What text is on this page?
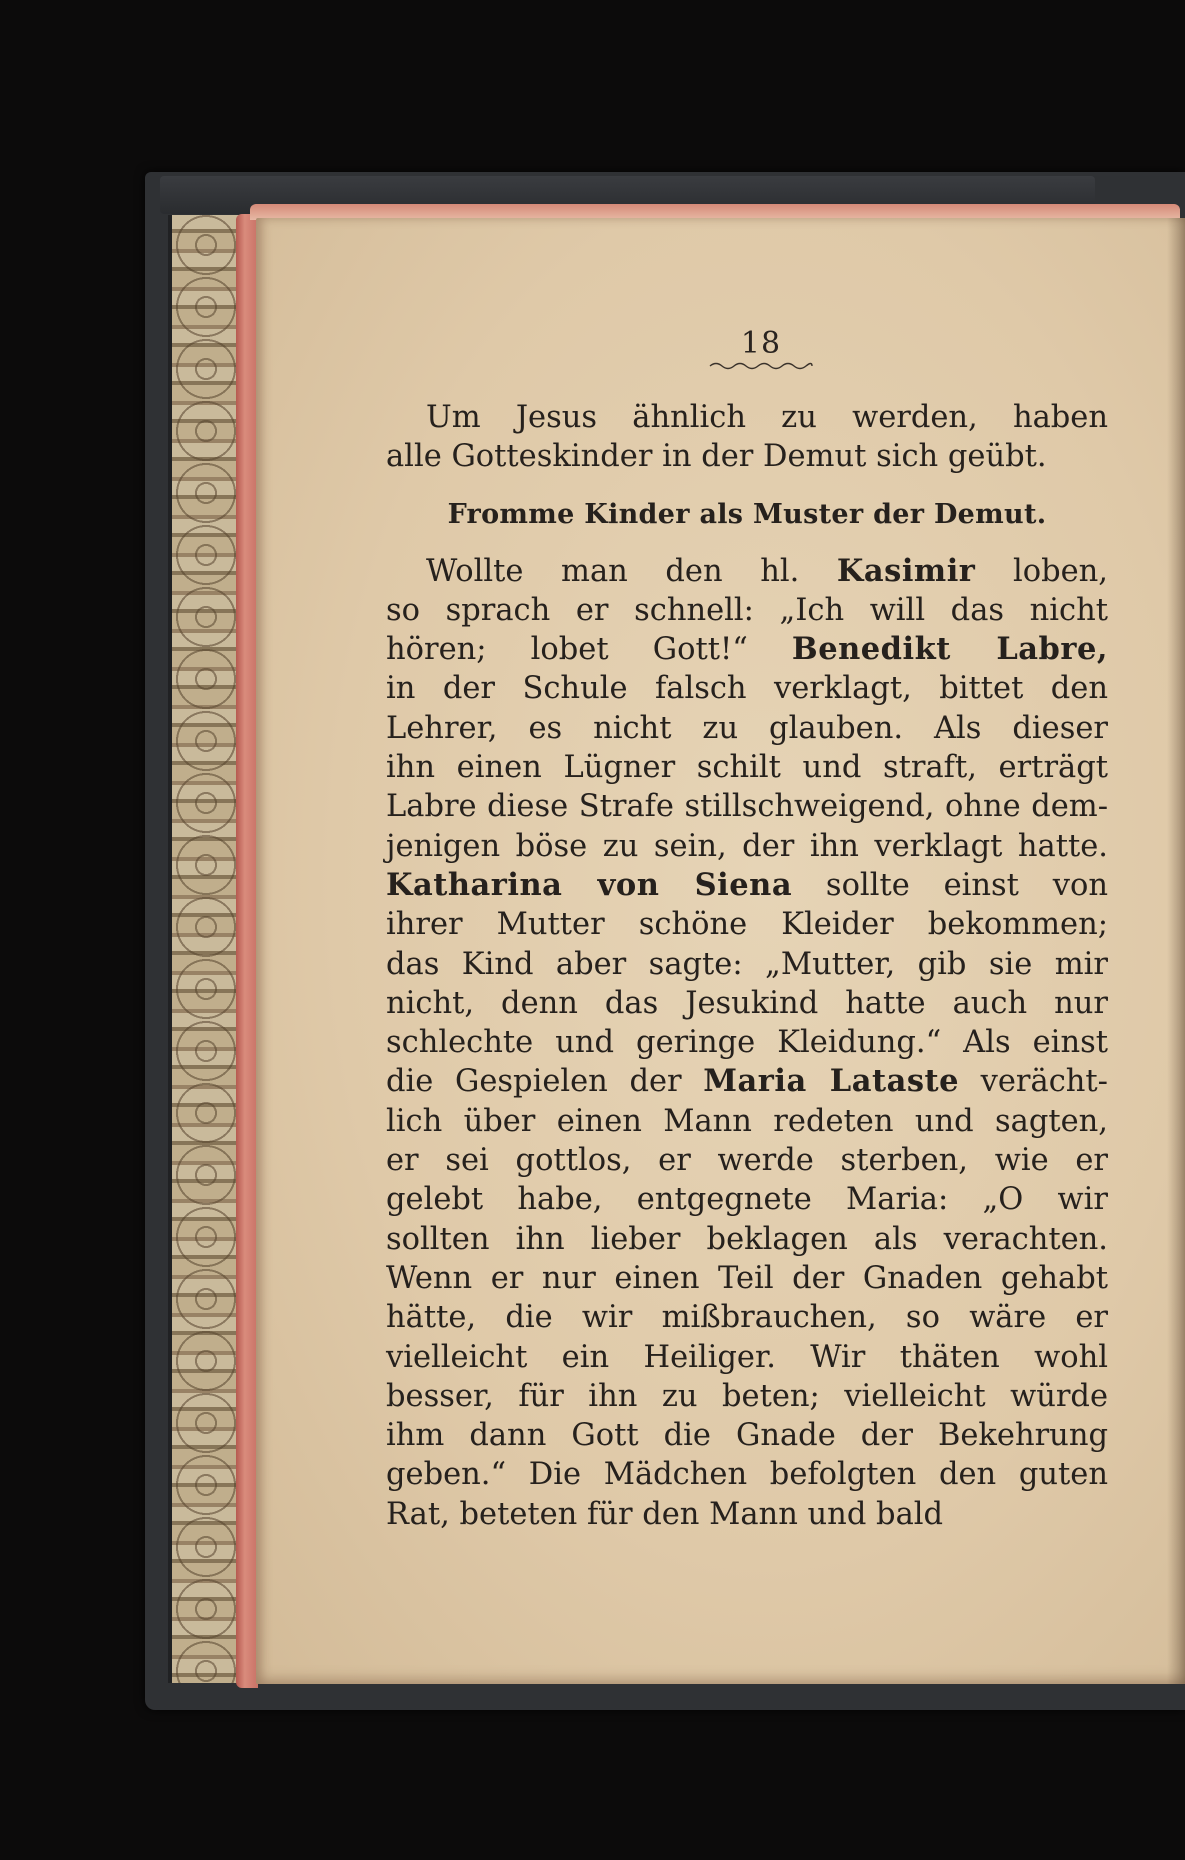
18
Um Jesus ähnlich zu werden, haben
alle Gotteskinder in der Demut sich geübt.
Fromme Kinder als Muster der Demut.
Wollte man den hl. Kasimir loben,
so sprach er schnell: „Ich will das nicht
hören; lobet Gott!“ Benedikt Labre,
in der Schule falsch verklagt, bittet den
Lehrer, es nicht zu glauben. Als dieser
ihn einen Lügner schilt und straft, erträgt
Labre diese Strafe stillschweigend, ohne dem-
jenigen böse zu sein, der ihn verklagt hatte.
Katharina von Siena sollte einst von
ihrer Mutter schöne Kleider bekommen;
das Kind aber sagte: „Mutter, gib sie mir
nicht, denn das Jesukind hatte auch nur
schlechte und geringe Kleidung.“ Als einst
die Gespielen der Maria Lataste verächt-
lich über einen Mann redeten und sagten,
er sei gottlos, er werde sterben, wie er
gelebt habe, entgegnete Maria: „O wir
sollten ihn lieber beklagen als verachten.
Wenn er nur einen Teil der Gnaden gehabt
hätte, die wir mißbrauchen, so wäre er
vielleicht ein Heiliger. Wir thäten wohl
besser, für ihn zu beten; vielleicht würde
ihm dann Gott die Gnade der Bekehrung
geben.“ Die Mädchen befolgten den guten
Rat, beteten für den Mann und bald
